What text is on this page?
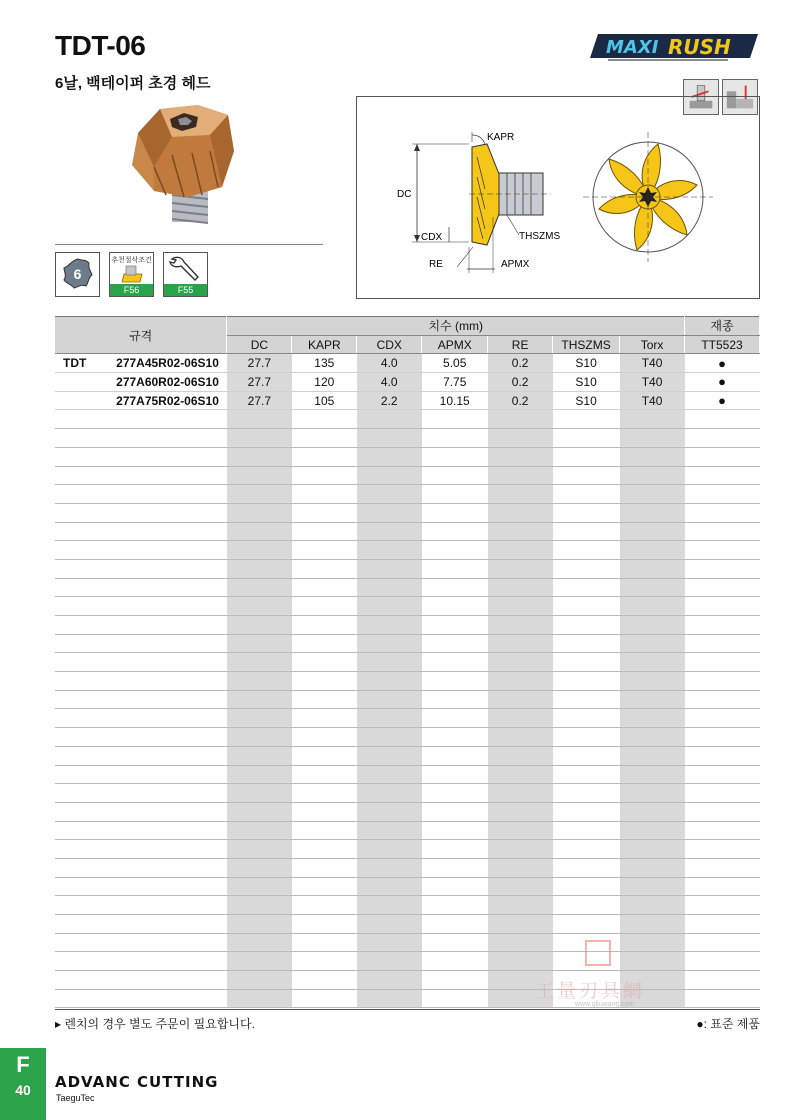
TDT-06
6날, 백테이퍼 초경 헤드
MAXI RUSH
6
추천절삭조건
F56	F55
DC
KAPR
CDX	THSZMS
RE	APMX
규격	치수 (mm)							재종
	DC	KAPR	CDX	APMX	RE	THSZMS	Torx	TT5523

TDT 277A45R02-06S10	27.7	135	4.0	5.05	0.2	S10	T40	●
277A60R02-06S10	27.7	120	4.0	7.75	0.2	S10	T40	●
277A75R02-06S10	27.7	105	2.2	10.15	0.2	S10	T40	●

工量刃具網
www.gljuwang.com
▸ 렌치의 경우 별도 주문이 필요합니다.	●: 표준 제품
F
40	ADVANC CUTTING
TaeguTec
